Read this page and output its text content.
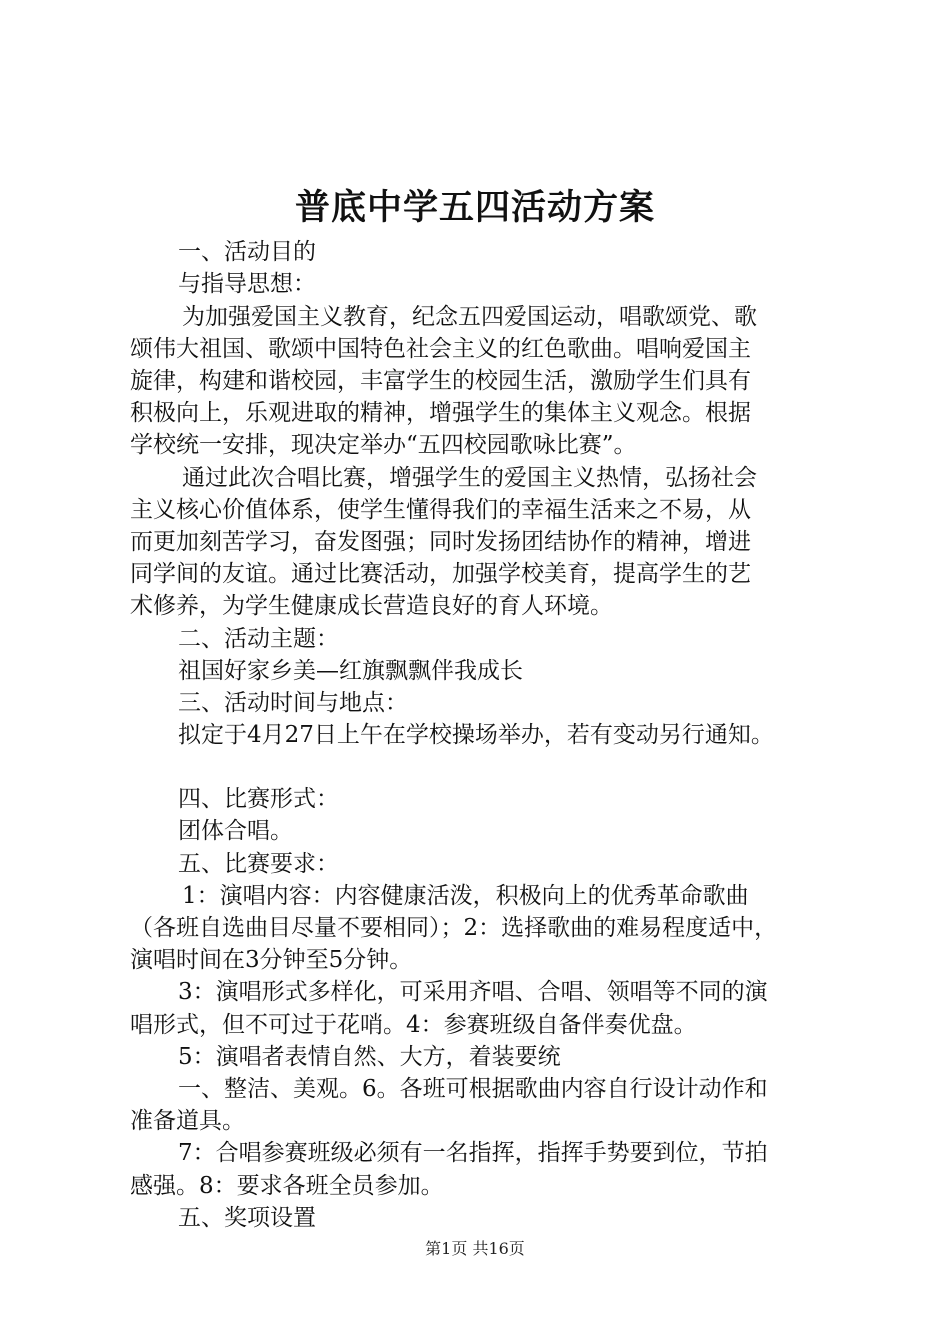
普底中学五四活动方案
一、活动目的
与指导思想：
为加强爱国主义教育，纪念五四爱国运动，唱歌颂党、歌
颂伟大祖国、歌颂中国特色社会主义的红色歌曲。唱响爱国主
旋律，构建和谐校园，丰富学生的校园生活，激励学生们具有
积极向上，乐观进取的精神，增强学生的集体主义观念。根据
学校统一安排，现决定举办“五四校园歌咏比赛”。
通过此次合唱比赛，增强学生的爱国主义热情，弘扬社会
主义核心价值体系，使学生懂得我们的幸福生活来之不易，从
而更加刻苦学习，奋发图强；同时发扬团结协作的精神，增进
同学间的友谊。通过比赛活动，加强学校美育，提高学生的艺
术修养，为学生健康成长营造良好的育人环境。
二、活动主题：
祖国好家乡美—红旗飘飘伴我成长
三、活动时间与地点：
拟定于4月27日上午在学校操场举办，若有变动另行通知。
四、比赛形式：
团体合唱。
五、比赛要求：
1：演唱内容：内容健康活泼，积极向上的优秀革命歌曲
（各班自选曲目尽量不要相同）；2：选择歌曲的难易程度适中，
演唱时间在3分钟至5分钟。
3：演唱形式多样化，可采用齐唱、合唱、领唱等不同的演
唱形式，但不可过于花哨。4：参赛班级自备伴奏优盘。
5：演唱者表情自然、大方，着装要统
一、整洁、美观。6。各班可根据歌曲内容自行设计动作和
准备道具。
7：合唱参赛班级必须有一名指挥，指挥手势要到位，节拍
感强。8：要求各班全员参加。
五、奖项设置
第1页 共16页
